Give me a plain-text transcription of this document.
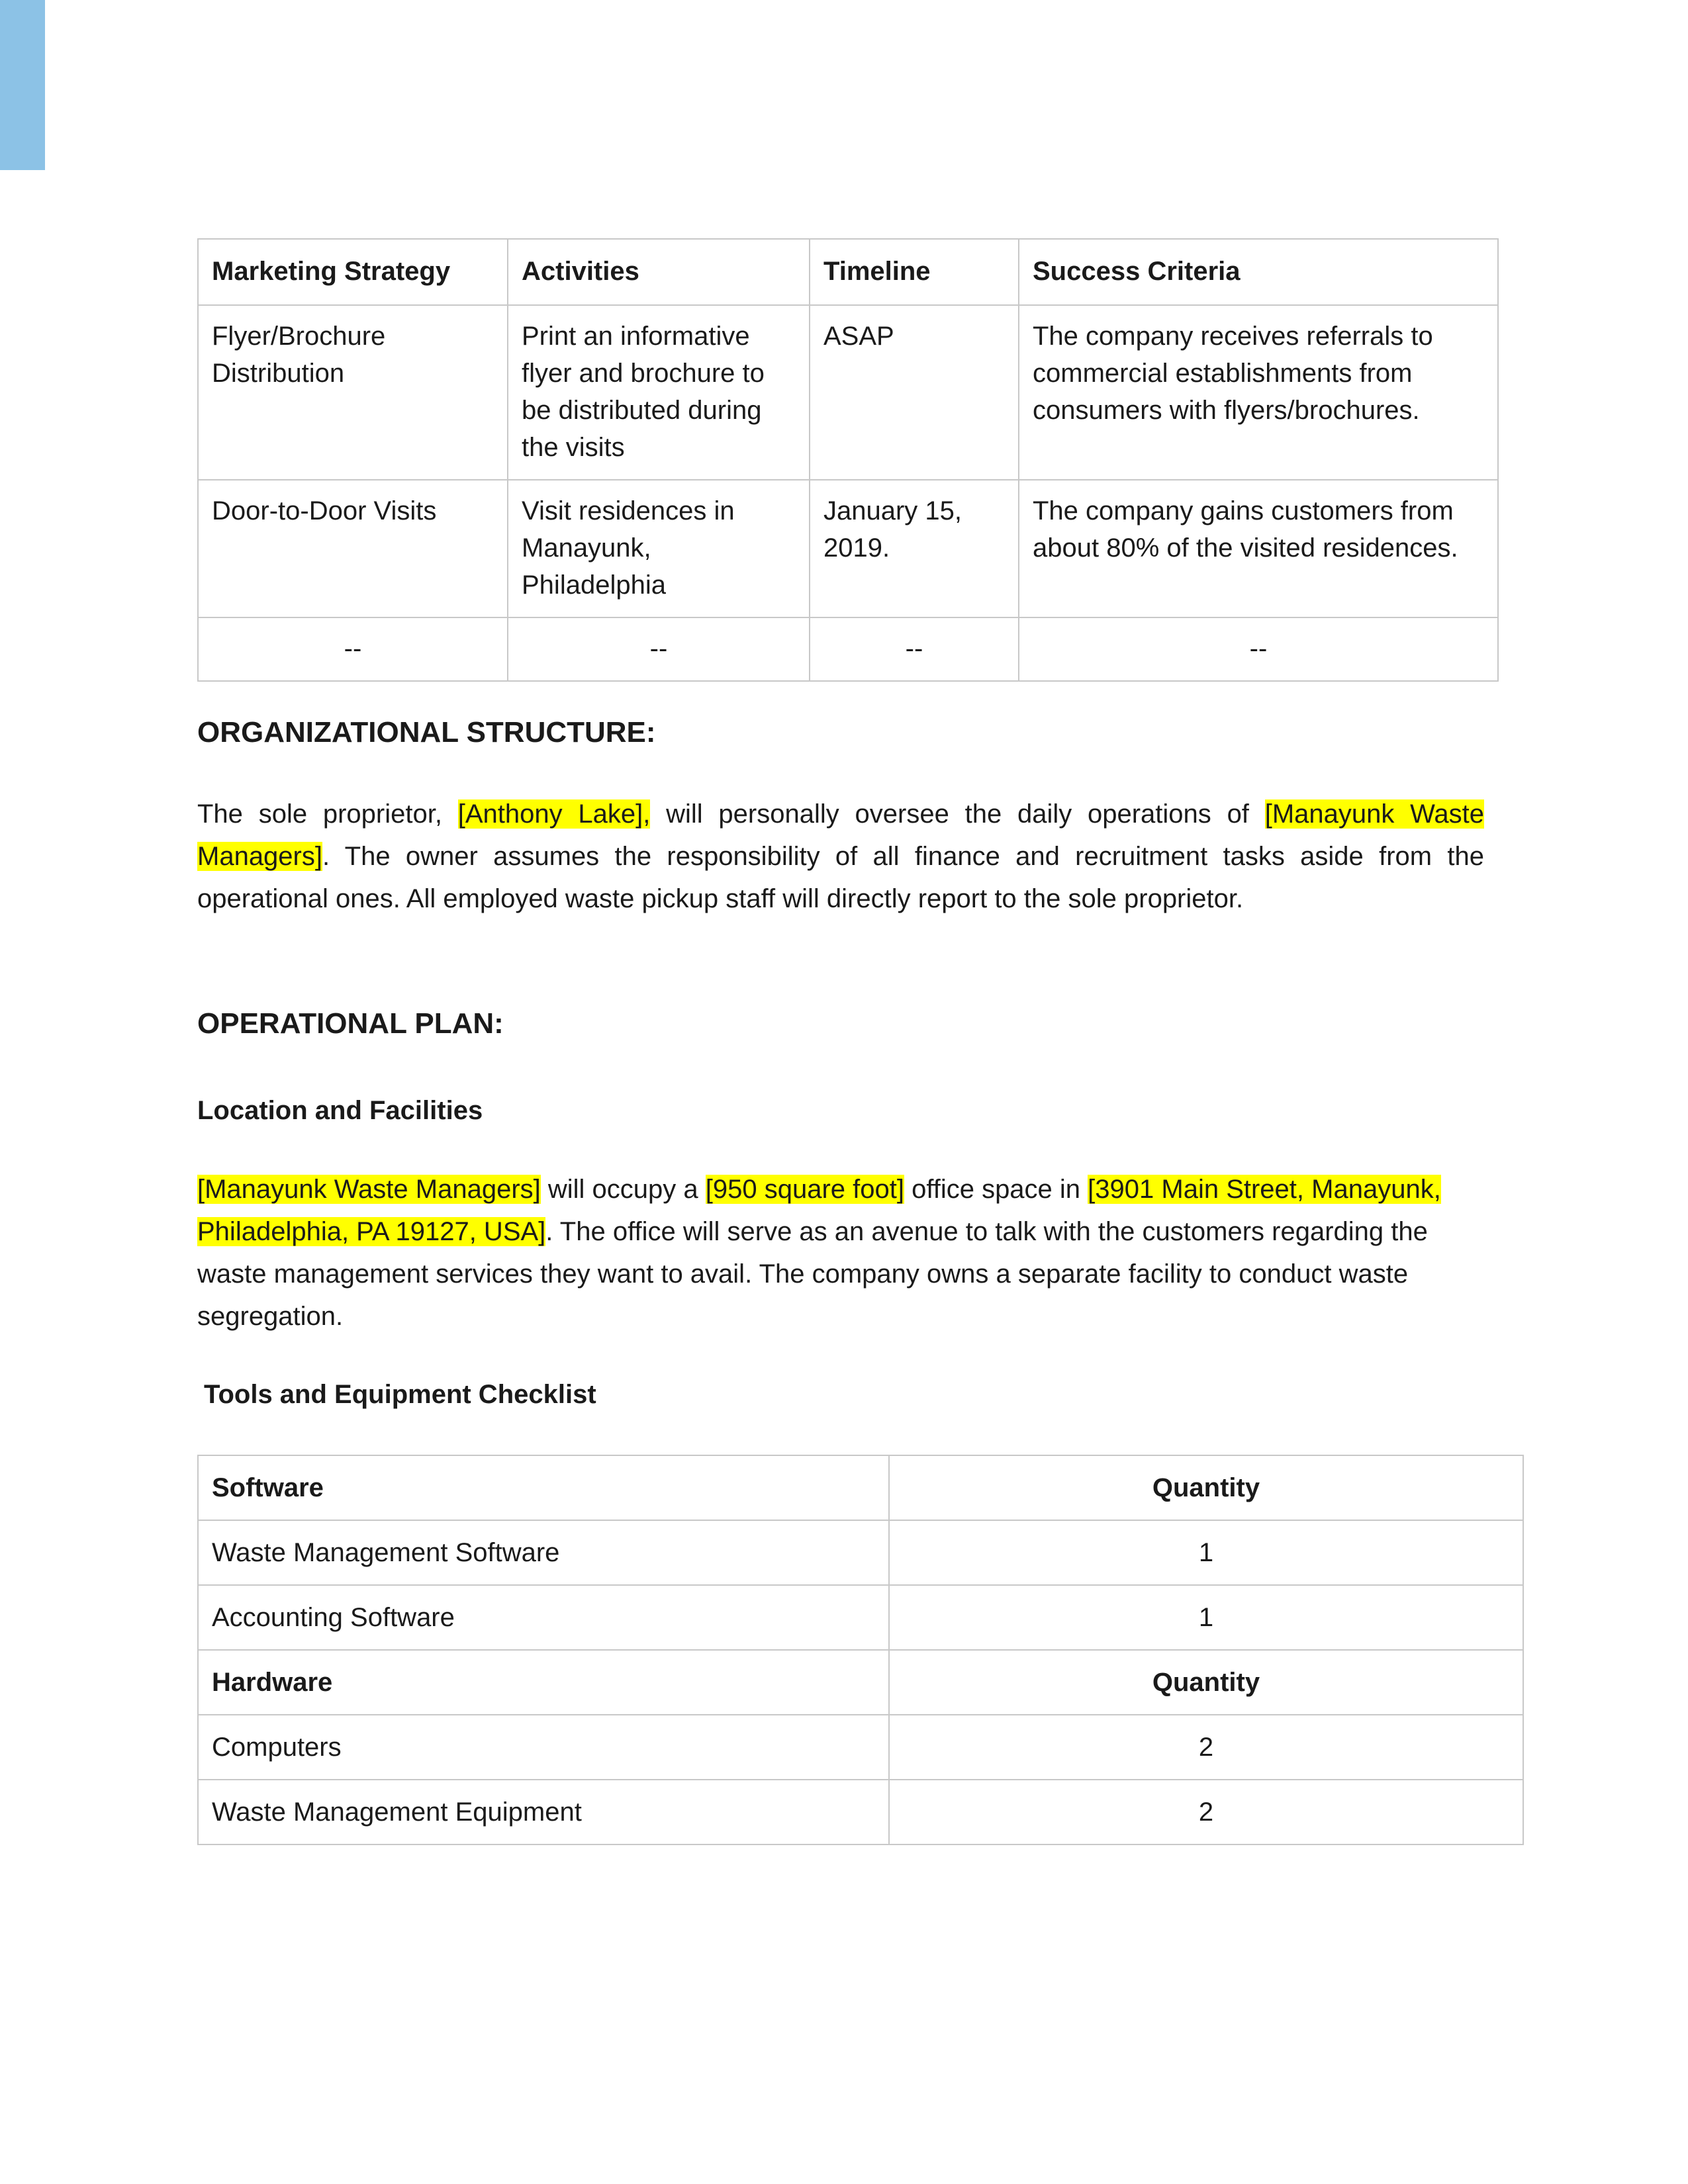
Marketing Strategy	Activities	Timeline	Success Criteria
Flyer/Brochure Distribution	Print an informative flyer and brochure to be distributed during the visits	ASAP	The company receives referrals to commercial establishments from consumers with flyers/brochures.
Door-to-Door Visits	Visit residences in Manayunk, Philadelphia	January 15, 2019.	The company gains customers from about 80% of the visited residences.
--	--	--	--
ORGANIZATIONAL STRUCTURE:

The sole proprietor, [Anthony Lake], will personally oversee the daily operations of [Manayunk Waste Managers]. The owner assumes the responsibility of all finance and recruitment tasks aside from the operational ones. All employed waste pickup staff will directly report to the sole proprietor.

OPERATIONAL PLAN:
Location and Facilities

[Manayunk Waste Managers] will occupy a [950 square foot] office space in [3901 Main Street, Manayunk, Philadelphia, PA 19127, USA]. The office will serve as an avenue to talk with the customers regarding the waste management services they want to avail. The company owns a separate facility to conduct waste segregation.

Tools and Equipment Checklist
Software	Quantity
Waste Management Software	1
Accounting Software	1
Hardware	Quantity
Computers	2
Waste Management Equipment	2
